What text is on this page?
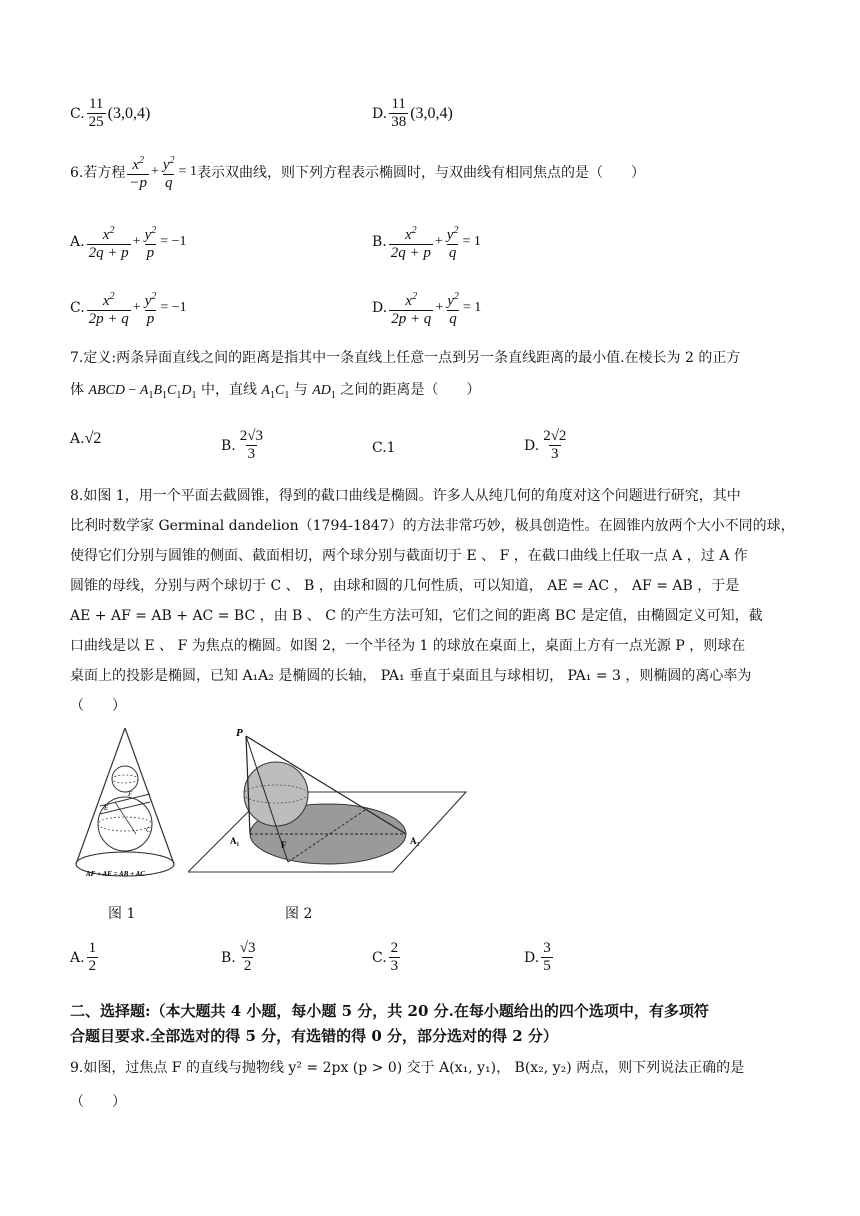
C. $\frac{11}{25} (3,0,4)$	D. $\frac{11}{38} (3,0,4)$
6.若方程 $\frac{x^2}{-p} + \frac{y^2}{q} = 1$ 表示双曲线，则下列方程表示椭圆时，与双曲线有相同焦点的是（　　）
A. $\frac{x^2}{2q + p} + \frac{y^2}{p} = -1$	B. $\frac{x^2}{2q + p} + \frac{y^2}{q} = 1$
C. $\frac{x^2}{2p + q} + \frac{y^2}{p} = -1$	D. $\frac{x^2}{2p + q} + \frac{y^2}{q} = 1$
7.定义:两条异面直线之间的距离是指其中一条直线上任意一点到另一条直线距离的最小值.在棱长为 2 的正方
体 ABCD − $A_1B_1C_1D_1$ 中，直线 $A_1C_1$ 与 $AD_1$ 之间的距离是（　　）
A. √2	B. $\frac{2√3}{3}$	C.1	D. $\frac{2√2}{3}$
8.如图 1，用一个平面去截圆锥，得到的截口曲线是椭圆。许多人从纯几何的角度对这个问题进行研究，其中
比利时数学家 Germinal dandelion（1794-1847）的方法非常巧妙，极具创造性。在圆锥内放两个大小不同的球，
使得它们分别与圆锥的侧面、截面相切，两个球分别与截面切于 E 、 F ，在截口曲线上任取一点 A ，过 A 作
圆锥的母线，分别与两个球切于 C 、 B ，由球和圆的几何性质，可以知道， AE = AC ， AF = AB ，于是
AE + AF = AB + AC = BC ，由 B 、 C 的产生方法可知，它们之间的距离 BC 是定值，由椭圆定义可知，截
口曲线是以 E 、 F 为焦点的椭圆。如图 2，一个半径为 1 的球放在桌面上，桌面上方有一点光源 P ，则球在
桌面上的投影是椭圆，已知 A₁A₂ 是椭圆的长轴， PA₁ 垂直于桌面且与球相切， PA₁ = 3 ，则椭圆的离心率为
（　　）
E
F
C
AF + AE = AB + AC
P
A₁	A₂
F
图 1	图 2
A. $\frac{1}{2}$	B. $\frac{√3}{2}$	C. $\frac{2}{3}$	D. $\frac{3}{5}$
二、选择题:（本大题共 4 小题，每小题 5 分，共 20 分.在每小题给出的四个选项中，有多项符
合题目要求.全部选对的得 5 分，有选错的得 0 分，部分选对的得 2 分）
9.如图，过焦点 F 的直线与抛物线 y² = 2px (p > 0) 交于 A(x₁, y₁)， B(x₂, y₂) 两点，则下列说法正确的是
（　　）
